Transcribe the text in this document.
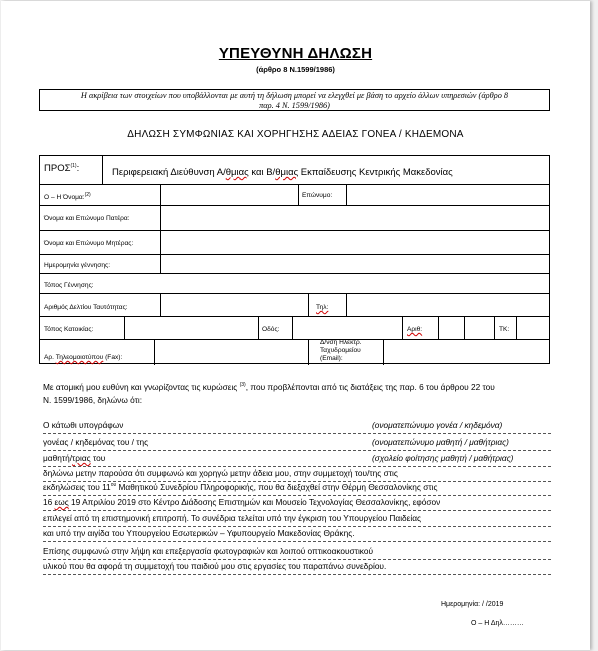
ΥΠΕΥΘΥΝΗ ΔΗΛΩΣΗ
(άρθρο 8 Ν.1599/1986)
Η ακρίβεια των στοιχείων που υποβάλλονται με αυτή τη δήλωση μπορεί να ελεγχθεί με βάση το αρχείο άλλων υπηρεσιών (άρθρο 8
παρ. 4 Ν. 1599/1986)
ΔΗΛΩΣΗ ΣΥΜΦΩΝΙΑΣ ΚΑΙ ΧΟΡΗΓΗΣΗΣ ΑΔΕΙΑΣ ΓΟΝΕΑ / ΚΗΔΕΜΟΝΑ
ΠΡΟΣ$^{(1)}$:	Περιφερειακή Διεύθυνση Α/θμιας και Β/θμιας Εκπαίδευσης Κεντρικής Μακεδονίας
Ο – Η Όνομα:$^{(2)}$	Επώνυμο:
Όνομα και Επώνυμο Πατέρα:
Όνομα και Επώνυμο Μητέρας:
Ημερομηνία γέννησης:
Τόπος Γέννησης:
Αριθμός Δελτίου Ταυτότητας:	Τηλ:
Τόπος Κατοικίας:	Οδός:	Αριθ:	ΤΚ:
Αρ. Τηλεομοιοτύπου (Fax):
Δ/νση Ηλεκτρ.
Ταχυδρομείου
(Email):
Με ατομική μου ευθύνη και γνωρίζοντας τις κυρώσεις $^{(3)}$, που προβλέπονται από τις διατάξεις της παρ. 6 του άρθρου 22 του
Ν. 1599/1986, δηλώνω ότι:
Ο κάτωθι υπογράφων	(ονοματεπώνυμο γονέα / κηδεμόνα)
γονέας / κηδεμόνας του / της	(ονοματεπώνυμο μαθητή / μαθήτριας)
μαθητή/τριας του	(σχολείο φοίτησης μαθητή / μαθήτριας)
δηλώνω μετην παρούσα ότι συμφωνώ και χορηγώ μετην άδεια μου, στην συμμετοχή του/της στις
εκδηλώσεις του $11^{o\upsilon}$ Μαθητικού Συνεδρίου Πληροφορικής, που θα διεξαχθεί στην Θέρμη Θεσσαλονίκης στις
16 εως 19 Απριλίου 2019 στο Κέντρο Διάδοσης Επιστημών και Μουσείο Τεχνολογίας Θεσσαλονίκης, εφόσον
επιλεγεί από τη επιστημονική επιτροπή. Το συνέδρια τελείται υπό την έγκριση του Υπουργείου Παιδείας
και υπό την αιγίδα του Υπουργείου Εσωτερικών – Υφυπουργείο Μακεδονίας Θράκης.
Επίσης συμφωνώ στην λήψη και επεξεργασία φωτογραφιών και λοιπού οπτικοακουστικού
υλικού που θα αφορά τη συμμετοχή του παιδιού μου στις εργασίες του παραπάνω συνεδρίου.
Ημερομηνία: / /2019
Ο – Η Δηλ………
